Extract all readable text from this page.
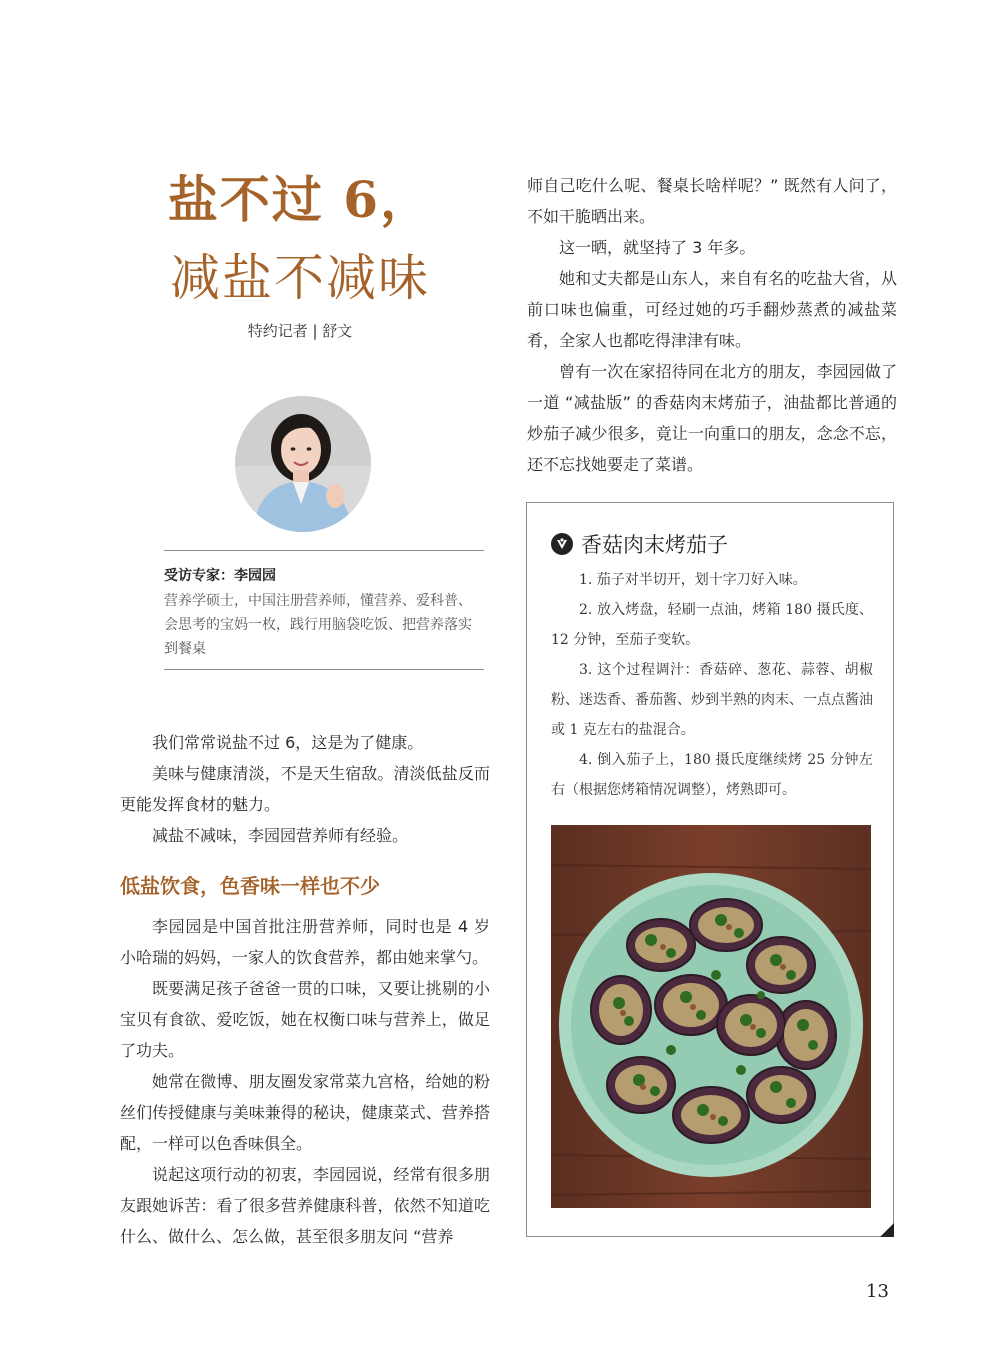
盐不过 6，
减盐不减味
特约记者 | 舒文
受访专家：李园园
营养学硕士，中国注册营养师，懂营养、爱科普、会思考的宝妈一枚，践行用脑袋吃饭、把营养落实到餐桌

我们常常说盐不过 6，这是为了健康。

美味与健康清淡，不是天生宿敌。清淡低盐反而更能发挥食材的魅力。

减盐不减味，李园园营养师有经验。

低盐饮食，色香味一样也不少

李园园是中国首批注册营养师，同时也是 4 岁小哈瑞的妈妈，一家人的饮食营养，都由她来掌勺。

既要满足孩子爸爸一贯的口味，又要让挑剔的小宝贝有食欲、爱吃饭，她在权衡口味与营养上，做足了功夫。

她常在微博、朋友圈发家常菜九宫格，给她的粉丝们传授健康与美味兼得的秘诀，健康菜式、营养搭配，一样可以色香味俱全。

说起这项行动的初衷，李园园说，经常有很多朋友跟她诉苦：看了很多营养健康科普，依然不知道吃什么、做什么、怎么做，甚至很多朋友问 “营养

师自己吃什么呢、餐桌长啥样呢？” 既然有人问了，不如干脆晒出来。

这一晒，就坚持了 3 年多。

她和丈夫都是山东人，来自有名的吃盐大省，从前口味也偏重，可经过她的巧手翻炒蒸煮的减盐菜肴，全家人也都吃得津津有味。

曾有一次在家招待同在北方的朋友，李园园做了一道 “减盐版” 的香菇肉末烤茄子，油盐都比普通的炒茄子减少很多，竟让一向重口的朋友，念念不忘，还不忘找她要走了菜谱。

香菇肉末烤茄子

1. 茄子对半切开，划十字刀好入味。

2. 放入烤盘，轻刷一点油，烤箱 180 摄氏度、12 分钟，至茄子变软。

3. 这个过程调汁：香菇碎、葱花、蒜蓉、胡椒粉、迷迭香、番茄酱、炒到半熟的肉末、一点点酱油或 1 克左右的盐混合。

4. 倒入茄子上，180 摄氏度继续烤 25 分钟左右（根据您烤箱情况调整），烤熟即可。

13
